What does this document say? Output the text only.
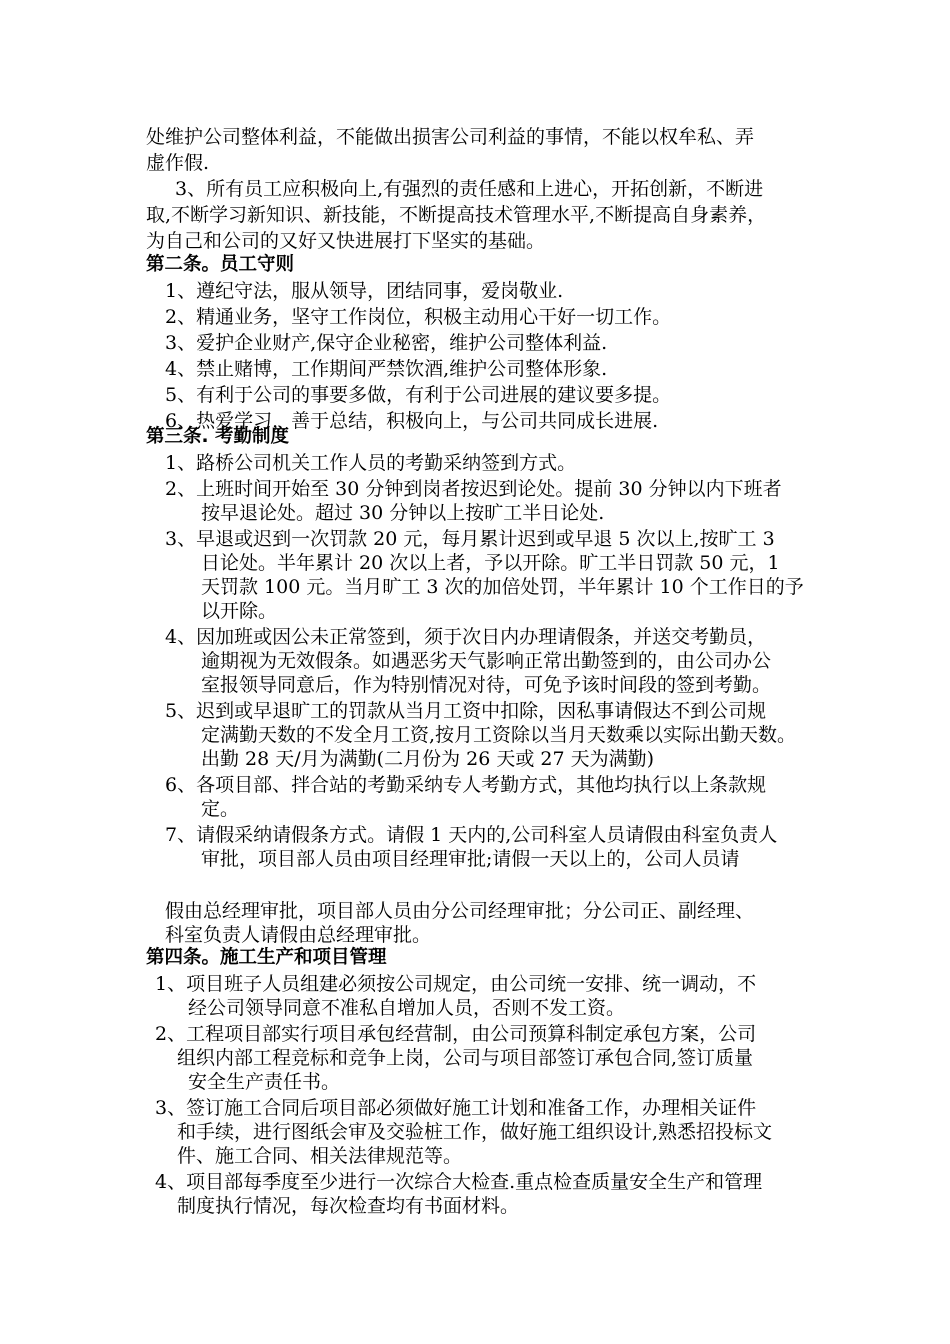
处维护公司整体利益，不能做出损害公司利益的事情，不能以权牟私、弄
虚作假.
3、所有员工应积极向上,有强烈的责任感和上进心，开拓创新，不断进
取,不断学习新知识、新技能，不断提高技术管理水平,不断提高自身素养，
为自己和公司的又好又快进展打下坚实的基础。
第二条。员工守则
1、遵纪守法，服从领导，团结同事，爱岗敬业.
2、精通业务，坚守工作岗位，积极主动用心干好一切工作。
3、爱护企业财产,保守企业秘密，维护公司整体利益.
4、禁止赌博，工作期间严禁饮酒,维护公司整体形象.
5、有利于公司的事要多做，有利于公司进展的建议要多提。
6、热爱学习，善于总结，积极向上，与公司共同成长进展.
第三条. 考勤制度
1、路桥公司机关工作人员的考勤采纳签到方式。
2、上班时间开始至 30 分钟到岗者按迟到论处。提前 30 分钟以内下班者
按早退论处。超过 30 分钟以上按旷工半日论处.
3、早退或迟到一次罚款 20 元，每月累计迟到或早退 5 次以上,按旷工 3
日论处。半年累计 20 次以上者，予以开除。旷工半日罚款 50 元，1
天罚款 100 元。当月旷工 3 次的加倍处罚，半年累计 10 个工作日的予
以开除。
4、因加班或因公未正常签到，须于次日内办理请假条，并送交考勤员，
逾期视为无效假条。如遇恶劣天气影响正常出勤签到的，由公司办公
室报领导同意后，作为特别情况对待，可免予该时间段的签到考勤。
5、迟到或早退旷工的罚款从当月工资中扣除，因私事请假达不到公司规
定满勤天数的不发全月工资,按月工资除以当月天数乘以实际出勤天数。
出勤 28 天/月为满勤(二月份为 26 天或 27 天为满勤)
6、各项目部、拌合站的考勤采纳专人考勤方式，其他均执行以上条款规
定。
7、请假采纳请假条方式。请假 1 天内的,公司科室人员请假由科室负责人
审批，项目部人员由项目经理审批;请假一天以上的，公司人员请
假由总经理审批，项目部人员由分公司经理审批；分公司正、副经理、
科室负责人请假由总经理审批。
第四条。施工生产和项目管理
1、项目班子人员组建必须按公司规定，由公司统一安排、统一调动，不
经公司领导同意不准私自增加人员，否则不发工资。
2、工程项目部实行项目承包经营制，由公司预算科制定承包方案，公司
组织内部工程竞标和竞争上岗，公司与项目部签订承包合同,签订质量
安全生产责任书。
3、签订施工合同后项目部必须做好施工计划和准备工作，办理相关证件
和手续，进行图纸会审及交验桩工作，做好施工组织设计,熟悉招投标文
件、施工合同、相关法律规范等。
4、项目部每季度至少进行一次综合大检查.重点检查质量安全生产和管理
制度执行情况，每次检查均有书面材料。
